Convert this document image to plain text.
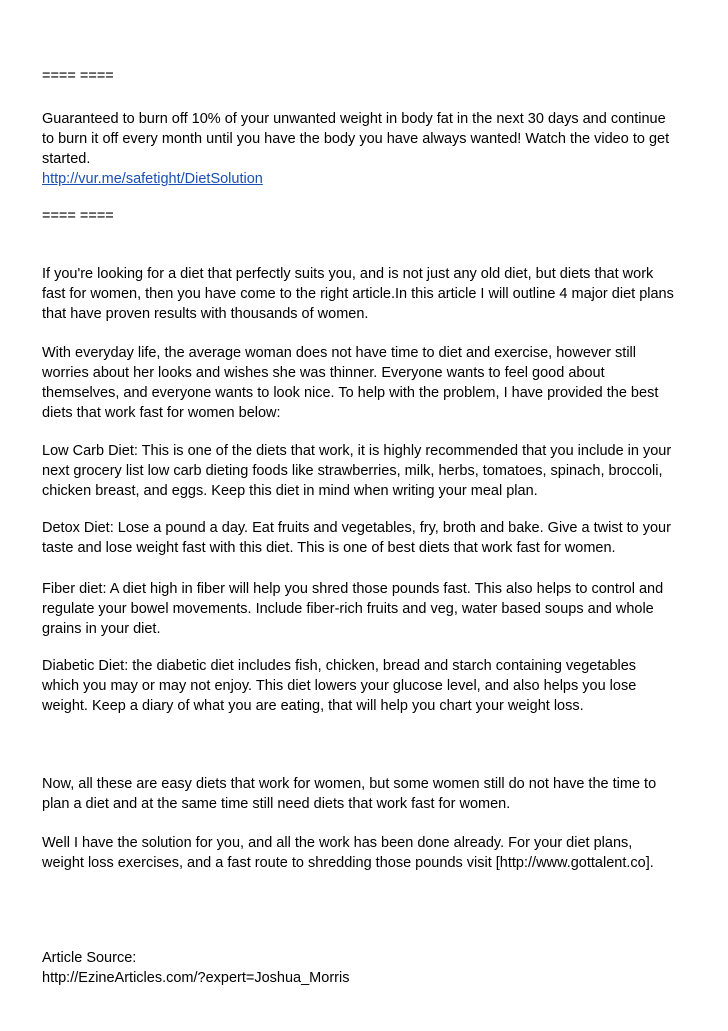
==== ====

Guaranteed to burn off 10% of your unwanted weight in body fat in the next 30 days and continue
to burn it off every month until you have the body you have always wanted! Watch the video to get
started.
http://vur.me/safetight/DietSolution

==== ====

If you're looking for a diet that perfectly suits you, and is not just any old diet, but diets that work
fast for women, then you have come to the right article.In this article I will outline 4 major diet plans
that have proven results with thousands of women.
With everyday life, the average woman does not have time to diet and exercise, however still
worries about her looks and wishes she was thinner. Everyone wants to feel good about
themselves, and everyone wants to look nice. To help with the problem, I have provided the best
diets that work fast for women below:
Low Carb Diet: This is one of the diets that work, it is highly recommended that you include in your
next grocery list low carb dieting foods like strawberries, milk, herbs, tomatoes, spinach, broccoli,
chicken breast, and eggs. Keep this diet in mind when writing your meal plan.
Detox Diet: Lose a pound a day. Eat fruits and vegetables, fry, broth and bake. Give a twist to your
taste and lose weight fast with this diet. This is one of best diets that work fast for women.
Fiber diet: A diet high in fiber will help you shred those pounds fast. This also helps to control and
regulate your bowel movements. Include fiber-rich fruits and veg, water based soups and whole
grains in your diet.
Diabetic Diet: the diabetic diet includes fish, chicken, bread and starch containing vegetables
which you may or may not enjoy. This diet lowers your glucose level, and also helps you lose
weight. Keep a diary of what you are eating, that will help you chart your weight loss.
Now, all these are easy diets that work for women, but some women still do not have the time to
plan a diet and at the same time still need diets that work fast for women.
Well I have the solution for you, and all the work has been done already. For your diet plans,
weight loss exercises, and a fast route to shredding those pounds visit [http://www.gottalent.co].
Article Source:
http://EzineArticles.com/?expert=Joshua_Morris
